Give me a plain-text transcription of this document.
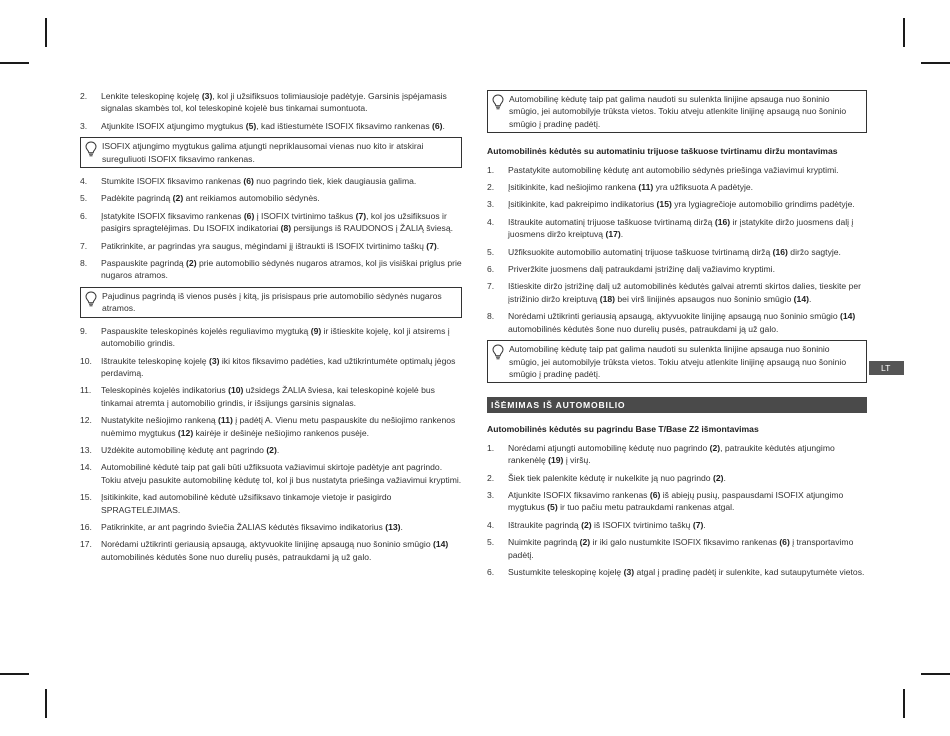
2.	Lenkite teleskopinę kojelę (3), kol ji užsifiksuos tolimiausioje padėtyje. Garsinis įspėjamasis signalas skambės tol, kol teleskopinė kojelė bus tinkamai sumontuota.
3.	Atjunkite ISOFIX atjungimo mygtukus (5), kad ištiestumėte ISOFIX fiksavimo rankenas (6).
ISOFIX atjungimo mygtukus galima atjungti nepriklausomai vienas nuo kito ir atskirai sureguliuoti ISOFIX fiksavimo rankenas.
4.	Stumkite ISOFIX fiksavimo rankenas (6) nuo pagrindo tiek, kiek daugiausia galima.
5.	Padėkite pagrindą (2) ant reikiamos automobilio sėdynės.
6.	Įstatykite ISOFIX fiksavimo rankenas (6) į ISOFIX tvirtinimo taškus (7), kol jos užsifiksuos ir pasigirs spragtelėjimas. Du ISOFIX indikatoriai (8) persijungs iš RAUDONOS į ŽALIĄ šviesą.
7.	Patikrinkite, ar pagrindas yra saugus, mėgindami jį ištraukti iš ISOFIX tvirtinimo taškų (7).
8.	Paspauskite pagrindą (2) prie automobilio sėdynės nugaros atramos, kol jis visiškai priglus prie nugaros atramos.
Pajudinus pagrindą iš vienos pusės į kitą, jis prisispaus prie automobilio sėdynės nugaros atramos.
9.	Paspauskite teleskopinės kojelės reguliavimo mygtuką (9) ir ištieskite kojelę, kol ji atsirems į automobilio grindis.
10.	Ištraukite teleskopinę kojelę (3) iki kitos fiksavimo padėties, kad užtikrintumėte optimalų jėgos perdavimą.
11.	Teleskopinės kojelės indikatorius (10) užsidegs ŽALIA šviesa, kai teleskopinė kojelė bus tinkamai atremta į automobilio grindis, ir išsijungs garsinis signalas.
12.	Nustatykite nešiojimo rankeną (11) į padėtį A. Vienu metu paspauskite du nešiojimo rankenos nuėmimo mygtukus (12) kairėje ir dešinėje nešiojimo rankenos pusėje.
13.	Uždėkite automobilinę kėdutę ant pagrindo (2).
14.	Automobilinė kėdutė taip pat gali būti užfiksuota važiavimui skirtoje padėtyje ant pagrindo. Tokiu atveju pasukite automobilinę kėdutę tol, kol ji bus nustatyta priešinga važiavimui kryptimi.
15.	Įsitikinkite, kad automobilinė kėdutė užsifiksavo tinkamoje vietoje ir pasigirdo SPRAGTELĖJIMAS.
16.	Patikrinkite, ar ant pagrindo šviečia ŽALIAS kėdutės fiksavimo indikatorius (13).
17.	Norėdami užtikrinti geriausią apsaugą, aktyvuokite linijinę apsaugą nuo šoninio smūgio (14) automobilinės kėdutės šone nuo durelių pusės, patraukdami ją už galo.
Automobilinę kėdutę taip pat galima naudoti su sulenkta linijine apsauga nuo šoninio smūgio, jei automobilyje trūksta vietos. Tokiu atveju atlenkite linijinę apsaugą nuo šoninio smūgio į pradinę padėtį.
Automobilinės kėdutės su automatiniu trijuose taškuose tvirtinamu diržu montavimas
1.	Pastatykite automobilinę kėdutę ant automobilio sėdynės priešinga važiavimui kryptimi.
2.	Įsitikinkite, kad nešiojimo rankena (11) yra užfiksuota A padėtyje.
3.	Įsitikinkite, kad pakreipimo indikatorius (15) yra lygiagrečioje automobilio grindims padėtyje.
4.	Ištraukite automatinį trijuose taškuose tvirtinamą diržą (16) ir įstatykite diržo juosmens dalį į juosmens diržo kreiptuvą (17).
5.	Užfiksuokite automobilio automatinį trijuose taškuose tvirtinamą diržą (16) diržo sagtyje.
6.	Priveržkite juosmens dalį patraukdami įstrižinę dalį važiavimo kryptimi.
7.	Ištieskite diržo įstrižinę dalį už automobilinės kėdutės galvai atremti skirtos dalies, tieskite per įstrižinio diržo kreiptuvą (18) bei virš linijinės apsaugos nuo šoninio smūgio (14).
8.	Norėdami užtikrinti geriausią apsaugą, aktyvuokite linijinę apsaugą nuo šoninio smūgio (14) automobilinės kėdutės šone nuo durelių pusės, patraukdami ją už galo.
Automobilinę kėdutę taip pat galima naudoti su sulenkta linijine apsauga nuo šoninio smūgio, jei automobilyje trūksta vietos. Tokiu atveju atlenkite linijinę apsaugą nuo šoninio smūgio į pradinę padėtį.
IŠĖMIMAS IŠ AUTOMOBILIO
Automobilinės kėdutės su pagrindu Base T/Base Z2 išmontavimas
1.	Norėdami atjungti automobilinę kėdutę nuo pagrindo (2), patraukite kėdutės atjungimo rankenėlę (19) į viršų.
2.	Šiek tiek palenkite kėdutę ir nukelkite ją nuo pagrindo (2).
3.	Atjunkite ISOFIX fiksavimo rankenas (6) iš abiejų pusių, paspausdami ISOFIX atjungimo mygtukus (5) ir tuo pačiu metu patraukdami rankenas atgal.
4.	Ištraukite pagrindą (2) iš ISOFIX tvirtinimo taškų (7).
5.	Nuimkite pagrindą (2) ir iki galo nustumkite ISOFIX fiksavimo rankenas (6) į transportavimo padėtį.
6.	Sustumkite teleskopinę kojelę (3) atgal į pradinę padėtį ir sulenkite, kad sutaupytumėte vietos.
LT
